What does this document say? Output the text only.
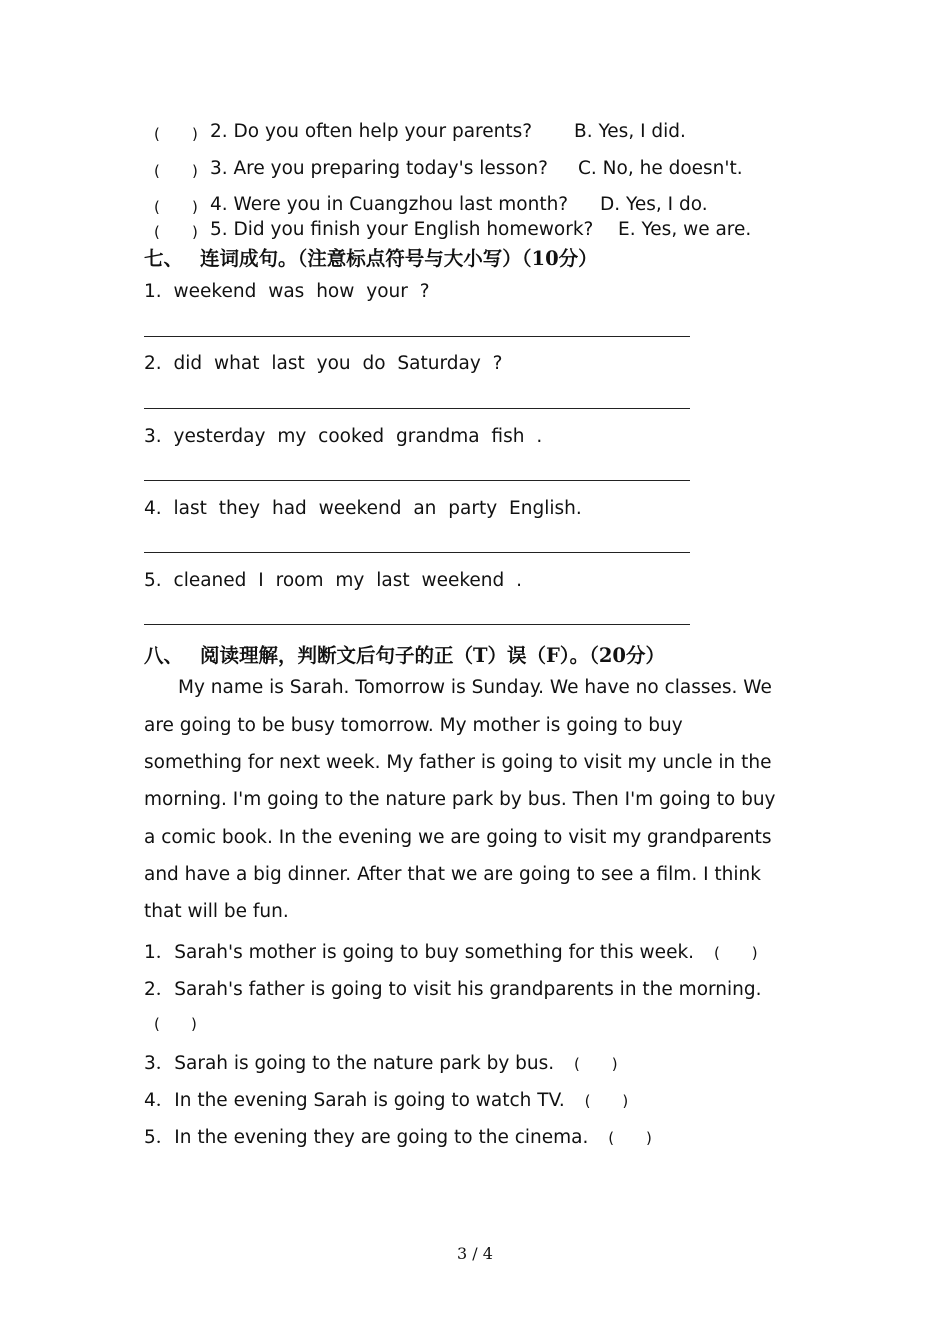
( ) 2. Do you often help your parents? B. Yes, I did.
( ) 3. Are you preparing today's lesson? C. No, he doesn't.
( ) 4. Were you in Cuangzhou last month? D. Yes, I do.
( ) 5. Did you finish your English homework? E. Yes, we are.
七、 连词成句。（注意标点符号与大小写）（10分）
1. weekend was how your ?
2. did what last you do Saturday ?
3. yesterday my cooked grandma fish .
4. last they had weekend an party English.
5. cleaned I room my last weekend .
八、 阅读理解，判断文后句子的正（T）误（F）。（20分）
My name is Sarah. Tomorrow is Sunday. We have no classes. We
are going to be busy tomorrow. My mother is going to buy
something for next week. My father is going to visit my uncle in the
morning. I'm going to the nature park by bus. Then I'm going to buy
a comic book. In the evening we are going to visit my grandparents
and have a big dinner. After that we are going to see a film. I think
that will be fun.
1．Sarah's mother is going to buy something for this week. ( )
2．Sarah's father is going to visit his grandparents in the morning.
( )
3．Sarah is going to the nature park by bus. ( )
4．In the evening Sarah is going to watch TV. ( )
5．In the evening they are going to the cinema. ( )
3 / 4
